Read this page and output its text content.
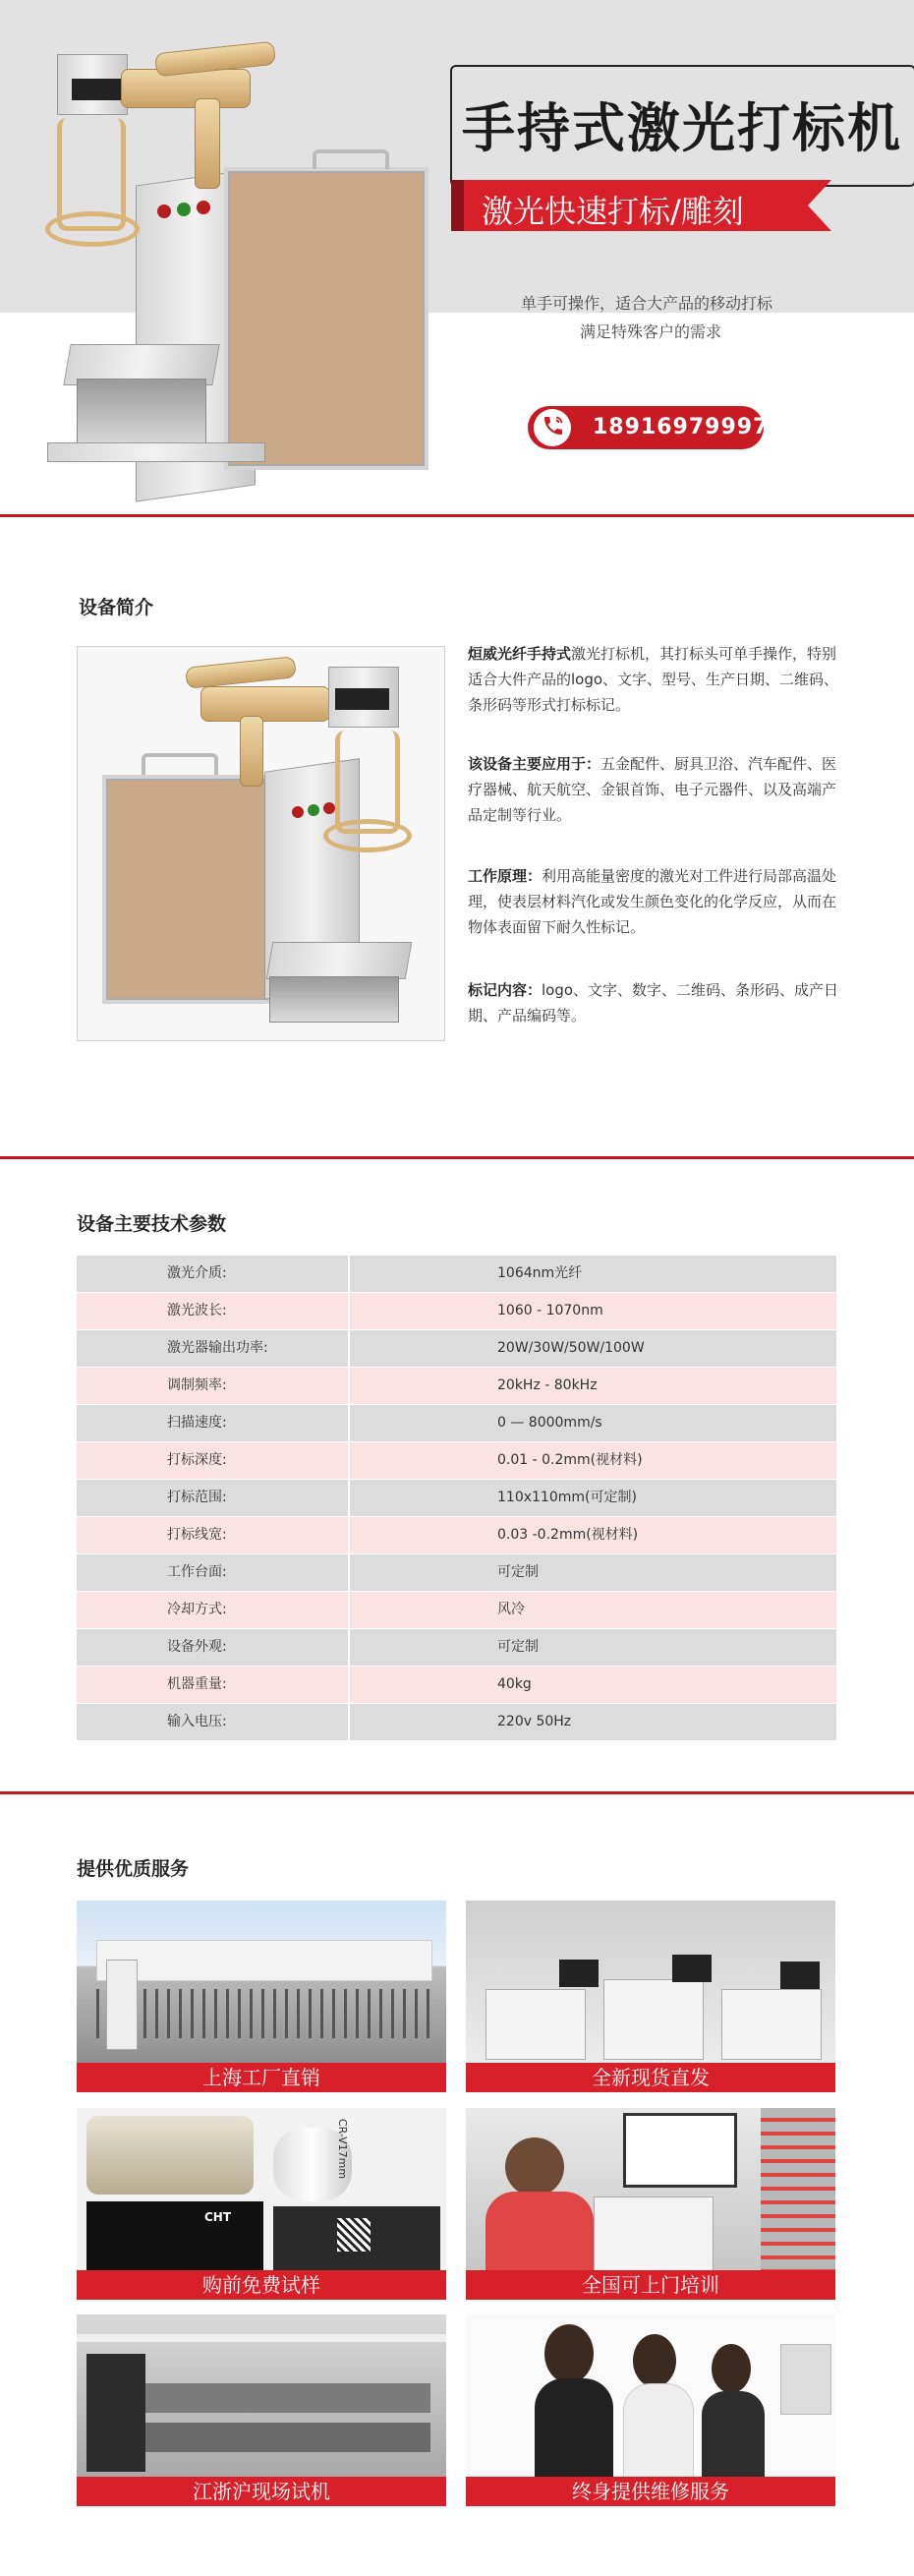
手持式激光打标机
激光快速打标/雕刻
单手可操作，适合大产品的移动打标
满足特殊客户的需求
18916979997
设备简介
烜威光纤手持式激光打标机，其打标头可单手操作，特别适合大件产品的logo、文字、型号、生产日期、二维码、条形码等形式打标标记。
该设备主要应用于：五金配件、厨具卫浴、汽车配件、医疗器械、航天航空、金银首饰、电子元器件、以及高端产品定制等行业。
工作原理：利用高能量密度的激光对工件进行局部高温处理，使表层材料汽化或发生颜色变化的化学反应，从而在物体表面留下耐久性标记。
标记内容：logo、文字、数字、二维码、条形码、成产日期、产品编码等。
设备主要技术参数
激光介质:	1064nm光纤
激光波长:	1060 - 1070nm
激光器输出功率:	20W/30W/50W/100W
调制频率:	20kHz - 80kHz
扫描速度:	0 — 8000mm/s
打标深度:	0.01 - 0.2mm(视材料)
打标范围:	110x110mm(可定制)
打标线宽:	0.03 -0.2mm(视材料)
工作台面:	可定制
冷却方式:	风冷
设备外观:	可定制
机器重量:	40kg
输入电压:	220v 50Hz
提供优质服务
上海工厂直销	全新现货直发
CR-V17mm
CHT
购前免费试样	全国可上门培训
江浙沪现场试机	终身提供维修服务
